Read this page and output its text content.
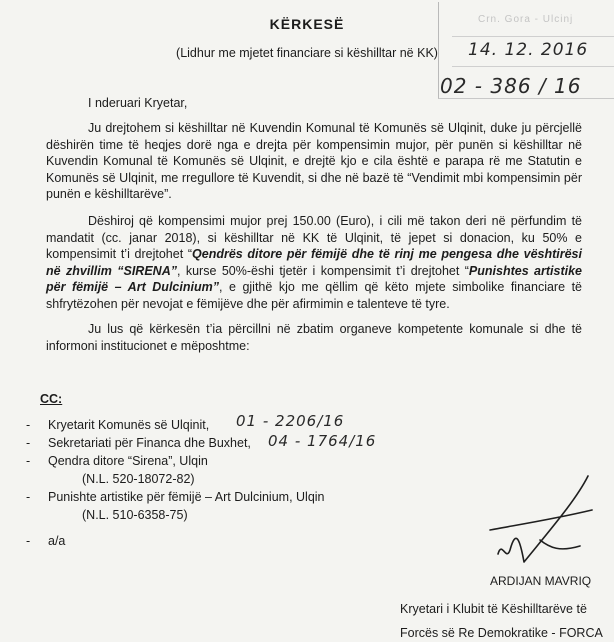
KËRKESË
(Lidhur me mjetet financiare si këshilltar në KK)
Crn. Gora - Ulcinj
14. 12. 2016
02 - 386 / 16
I nderuari Kryetar,

Ju drejtohem si këshilltar në Kuvendin Komunal të Komunës së Ulqinit, duke ju përcjellë dëshirën time të heqjes dorë nga e drejta për kompensimin mujor, për punën si këshilltar në Kuvendin Komunal të Komunës së Ulqinit, e drejtë kjo e cila është e parapa rë me Statutin e Komunës së Ulqinit, me rregullore të Kuvendit, si dhe në bazë të “Vendimit mbi kompensimin për punën e këshilltarëve”.

Dëshiroj që kompensimi mujor prej 150.00 (Euro), i cili më takon deri në përfundim të mandatit (cc. janar 2018), si këshilltar në KK të Ulqinit, të jepet si donacion, ku 50% e kompensimit t’i drejtohet “Qendrës ditore për fëmijë dhe të rinj me pengesa dhe vështirësi në zhvillim “SIRENA”, kurse 50%-ëshi tjetër i kompensimit t’i drejtohet “Punishtes artistike për fëmijë – Art Dulcinium”, e gjithë kjo me qëllim që këto mjete simbolike financiare të shfrytëzohen për nevojat e fëmijëve dhe për afirmimin e talenteve të tyre.

Ju lus që kërkesën t’ia përcillni në zbatim organeve kompetente komunale si dhe të informoni institucionet e mëposhtme:

CC:
- Kryetarit Komunës së Ulqinit,
- Sekretariati për Financa dhe Buxhet,
- Qendra ditore “Sirena”, Ulqin
(N.L. 520-18072-82)
- Punishte artistike për fëmijë – Art Dulcinium, Ulqin
(N.L. 510-6358-75)
- a/a
01 - 2206/16
04 - 1764/16
ARDIJAN MAVRIQ
Kryetari i Klubit të Këshilltarëve të
Forcës së Re Demokratike - FORCA
